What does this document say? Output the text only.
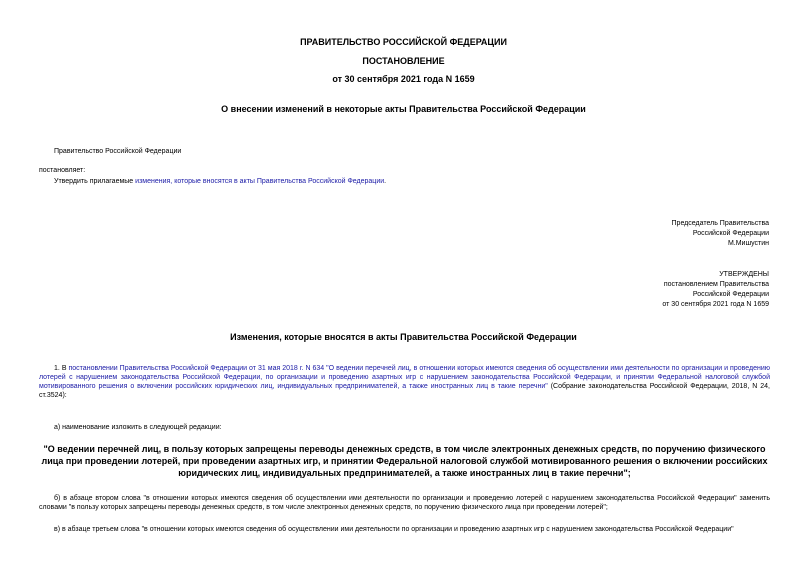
ПРАВИТЕЛЬСТВО РОССИЙСКОЙ ФЕДЕРАЦИИ
ПОСТАНОВЛЕНИЕ
от 30 сентября 2021 года N 1659
О внесении изменений в некоторые акты Правительства Российской Федерации
Правительство Российской Федерации
постановляет:
Утвердить прилагаемые изменения, которые вносятся в акты Правительства Российской Федерации.
Председатель Правительства
Российской Федерации
М.Мишустин
УТВЕРЖДЕНЫ
постановлением Правительства
Российской Федерации
от 30 сентября 2021 года N 1659
Изменения, которые вносятся в акты Правительства Российской Федерации
1. В постановлении Правительства Российской Федерации от 31 мая 2018 г. N 634 "О ведении перечней лиц, в отношении которых имеются сведения об осуществлении ими деятельности по организации и проведению лотерей с нарушением законодательства Российской Федерации, по организации и проведению азартных игр с нарушением законодательства Российской Федерации, и принятии Федеральной налоговой службой мотивированного решения о включении российских юридических лиц, индивидуальных предпринимателей, а также иностранных лиц в такие перечни" (Собрание законодательства Российской Федерации, 2018, N 24, ст.3524):
а) наименование изложить в следующей редакции:
"О ведении перечней лиц, в пользу которых запрещены переводы денежных средств, в том числе электронных денежных средств, по поручению физического лица при проведении лотерей, при проведении азартных игр, и принятии Федеральной налоговой службой мотивированного решения о включении российских юридических лиц, индивидуальных предпринимателей, а также иностранных лиц в такие перечни";
б) в абзаце втором слова "в отношении которых имеются сведения об осуществлении ими деятельности по организации и проведению лотерей с нарушением законодательства Российской Федерации" заменить словами "в пользу которых запрещены переводы денежных средств, в том числе электронных денежных средств, по поручению физического лица при проведении лотерей";
в) в абзаце третьем слова "в отношении которых имеются сведения об осуществлении ими деятельности по организации и проведению азартных игр с нарушением законодательства Российской Федерации"
